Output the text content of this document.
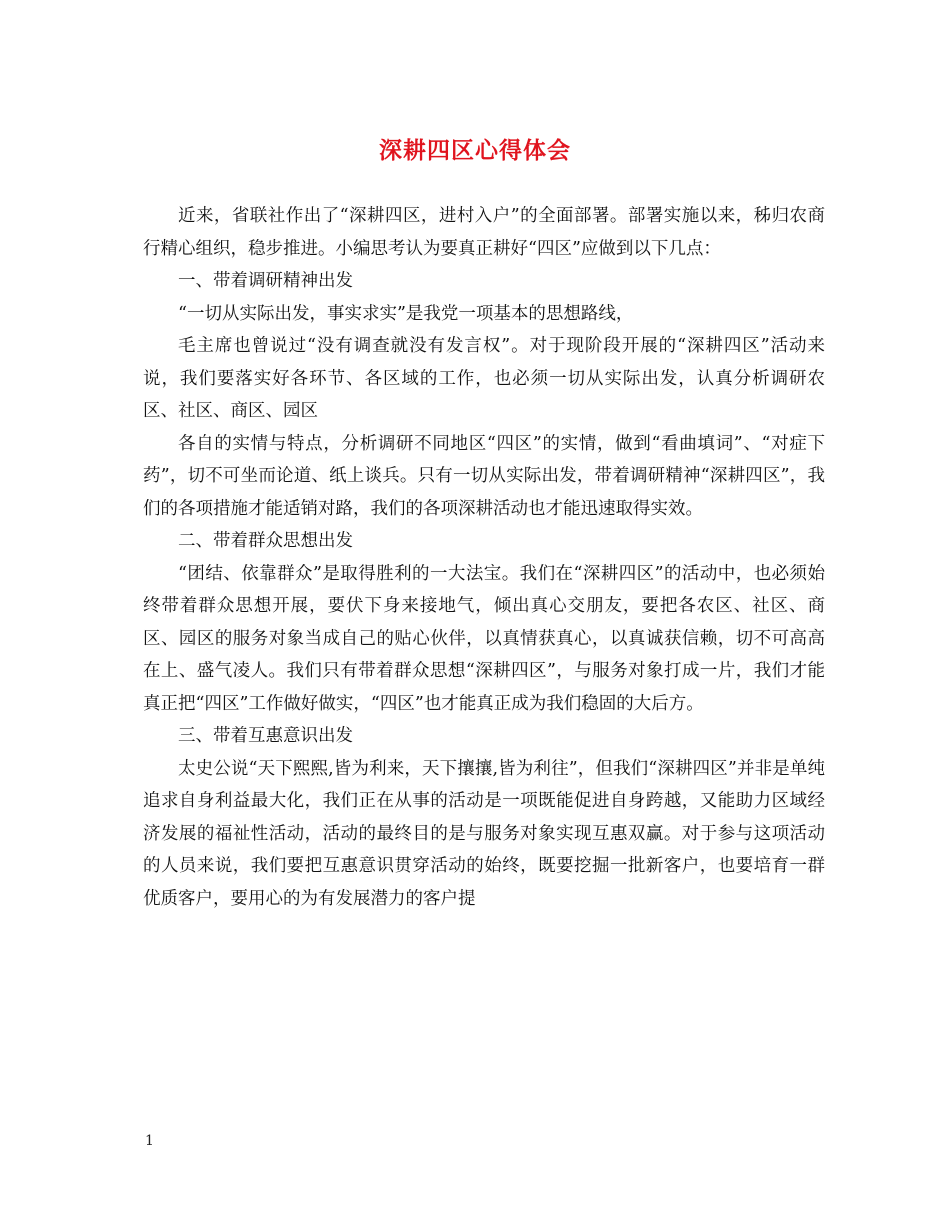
深耕四区心得体会

近来，省联社作出了“深耕四区，进村入户”的全面部署。部署实施以来，秭归农商行精心组织，稳步推进。小编思考认为要真正耕好“四区”应做到以下几点：

一、带着调研精神出发

“一切从实际出发，事实求实”是我党一项基本的思想路线，

毛主席也曾说过“没有调查就没有发言权”。对于现阶段开展的“深耕四区”活动来说，我们要落实好各环节、各区域的工作，也必须一切从实际出发，认真分析调研农区、社区、商区、园区

各自的实情与特点，分析调研不同地区“四区”的实情，做到“看曲填词”、“对症下药”，切不可坐而论道、纸上谈兵。只有一切从实际出发，带着调研精神“深耕四区”，我们的各项措施才能适销对路，我们的各项深耕活动也才能迅速取得实效。

二、带着群众思想出发

“团结、依靠群众”是取得胜利的一大法宝。我们在“深耕四区”的活动中，也必须始终带着群众思想开展，要伏下身来接地气，倾出真心交朋友，要把各农区、社区、商区、园区的服务对象当成自己的贴心伙伴，以真情获真心，以真诚获信赖，切不可高高在上、盛气凌人。我们只有带着群众思想“深耕四区”，与服务对象打成一片，我们才能真正把“四区”工作做好做实，“四区”也才能真正成为我们稳固的大后方。

三、带着互惠意识出发

太史公说“天下熙熙,皆为利来，天下攘攘,皆为利往”，但我们“深耕四区”并非是单纯追求自身利益最大化，我们正在从事的活动是一项既能促进自身跨越，又能助力区域经济发展的福祉性活动，活动的最终目的是与服务对象实现互惠双赢。对于参与这项活动的人员来说，我们要把互惠意识贯穿活动的始终，既要挖掘一批新客户，也要培育一群优质客户，要用心的为有发展潜力的客户提

1
